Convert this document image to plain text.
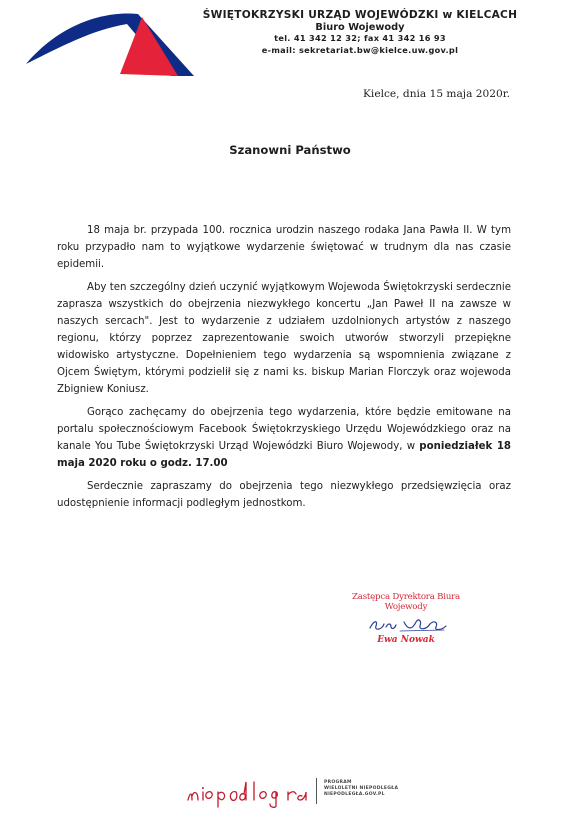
ŚWIĘTOKRZYSKI URZĄD WOJEWÓDZKI w KIELCACH
Biuro Wojewody
tel. 41 342 12 32; fax 41 342 16 93
e-mail: sekretariat.bw@kielce.uw.gov.pl
Kielce, dnia 15 maja 2020r.
Szanowni Państwo

18 maja br. przypada 100. rocznica urodzin naszego rodaka Jana Pawła II. W tym roku przypadło nam to wyjątkowe wydarzenie świętować w trudnym dla nas czasie epidemii.

Aby ten szczególny dzień uczynić wyjątkowym Wojewoda Świętokrzyski serdecznie zaprasza wszystkich do obejrzenia niezwykłego koncertu „Jan Paweł II na zawsze w naszych sercach". Jest to wydarzenie z udziałem uzdolnionych artystów z naszego regionu, którzy poprzez zaprezentowanie swoich utworów stworzyli przepiękne widowisko artystyczne. Dopełnieniem tego wydarzenia są wspomnienia związane z Ojcem Świętym, którymi podzielił się z nami ks. biskup Marian Florczyk oraz wojewoda Zbigniew Koniusz.

Gorąco zachęcamy do obejrzenia tego wydarzenia, które będzie emitowane na portalu społecznościowym Facebook Świętokrzyskiego Urzędu Wojewódzkiego oraz na kanale You Tube Świętokrzyski Urząd Wojewódzki Biuro Wojewody, w poniedziałek 18 maja 2020 roku o godz. 17.00

Serdecznie zapraszamy do obejrzenia tego niezwykłego przedsięwzięcia oraz udostępnienie informacji podległym jednostkom.

Zastępca Dyrektora Biura Wojewody
Ewa Nowak
PROGRAM
WIELOLETNI NIEPODLEGŁA
NIEPODLEGŁA.GOV.PL
